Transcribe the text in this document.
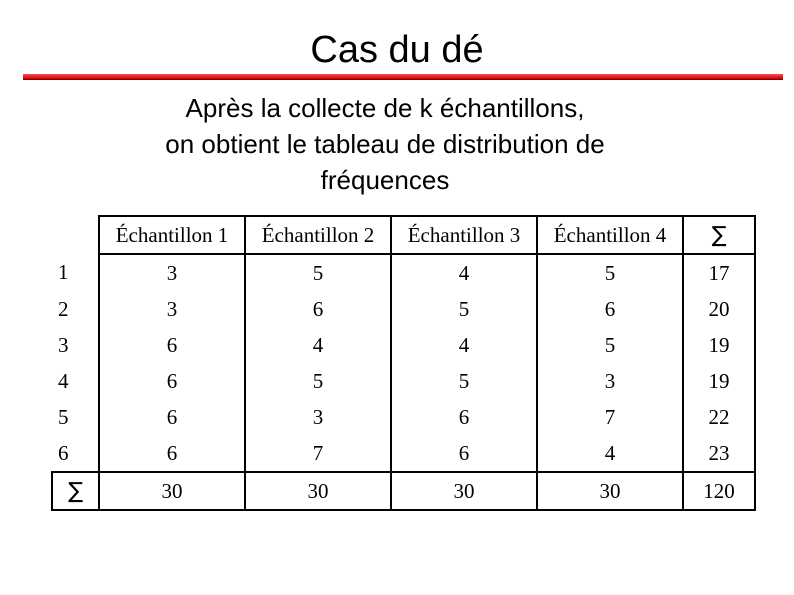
Cas du dé
Après la collecte de k échantillons,
on obtient le tableau de distribution de
fréquences
	Échantillon 1	Échantillon 2	Échantillon 3	Échantillon 4	∑
1	3	5	4	5	17
2	3	6	5	6	20
3	6	4	4	5	19
4	6	5	5	3	19
5	6	3	6	7	22
6	6	7	6	4	23
∑	30	30	30	30	120
